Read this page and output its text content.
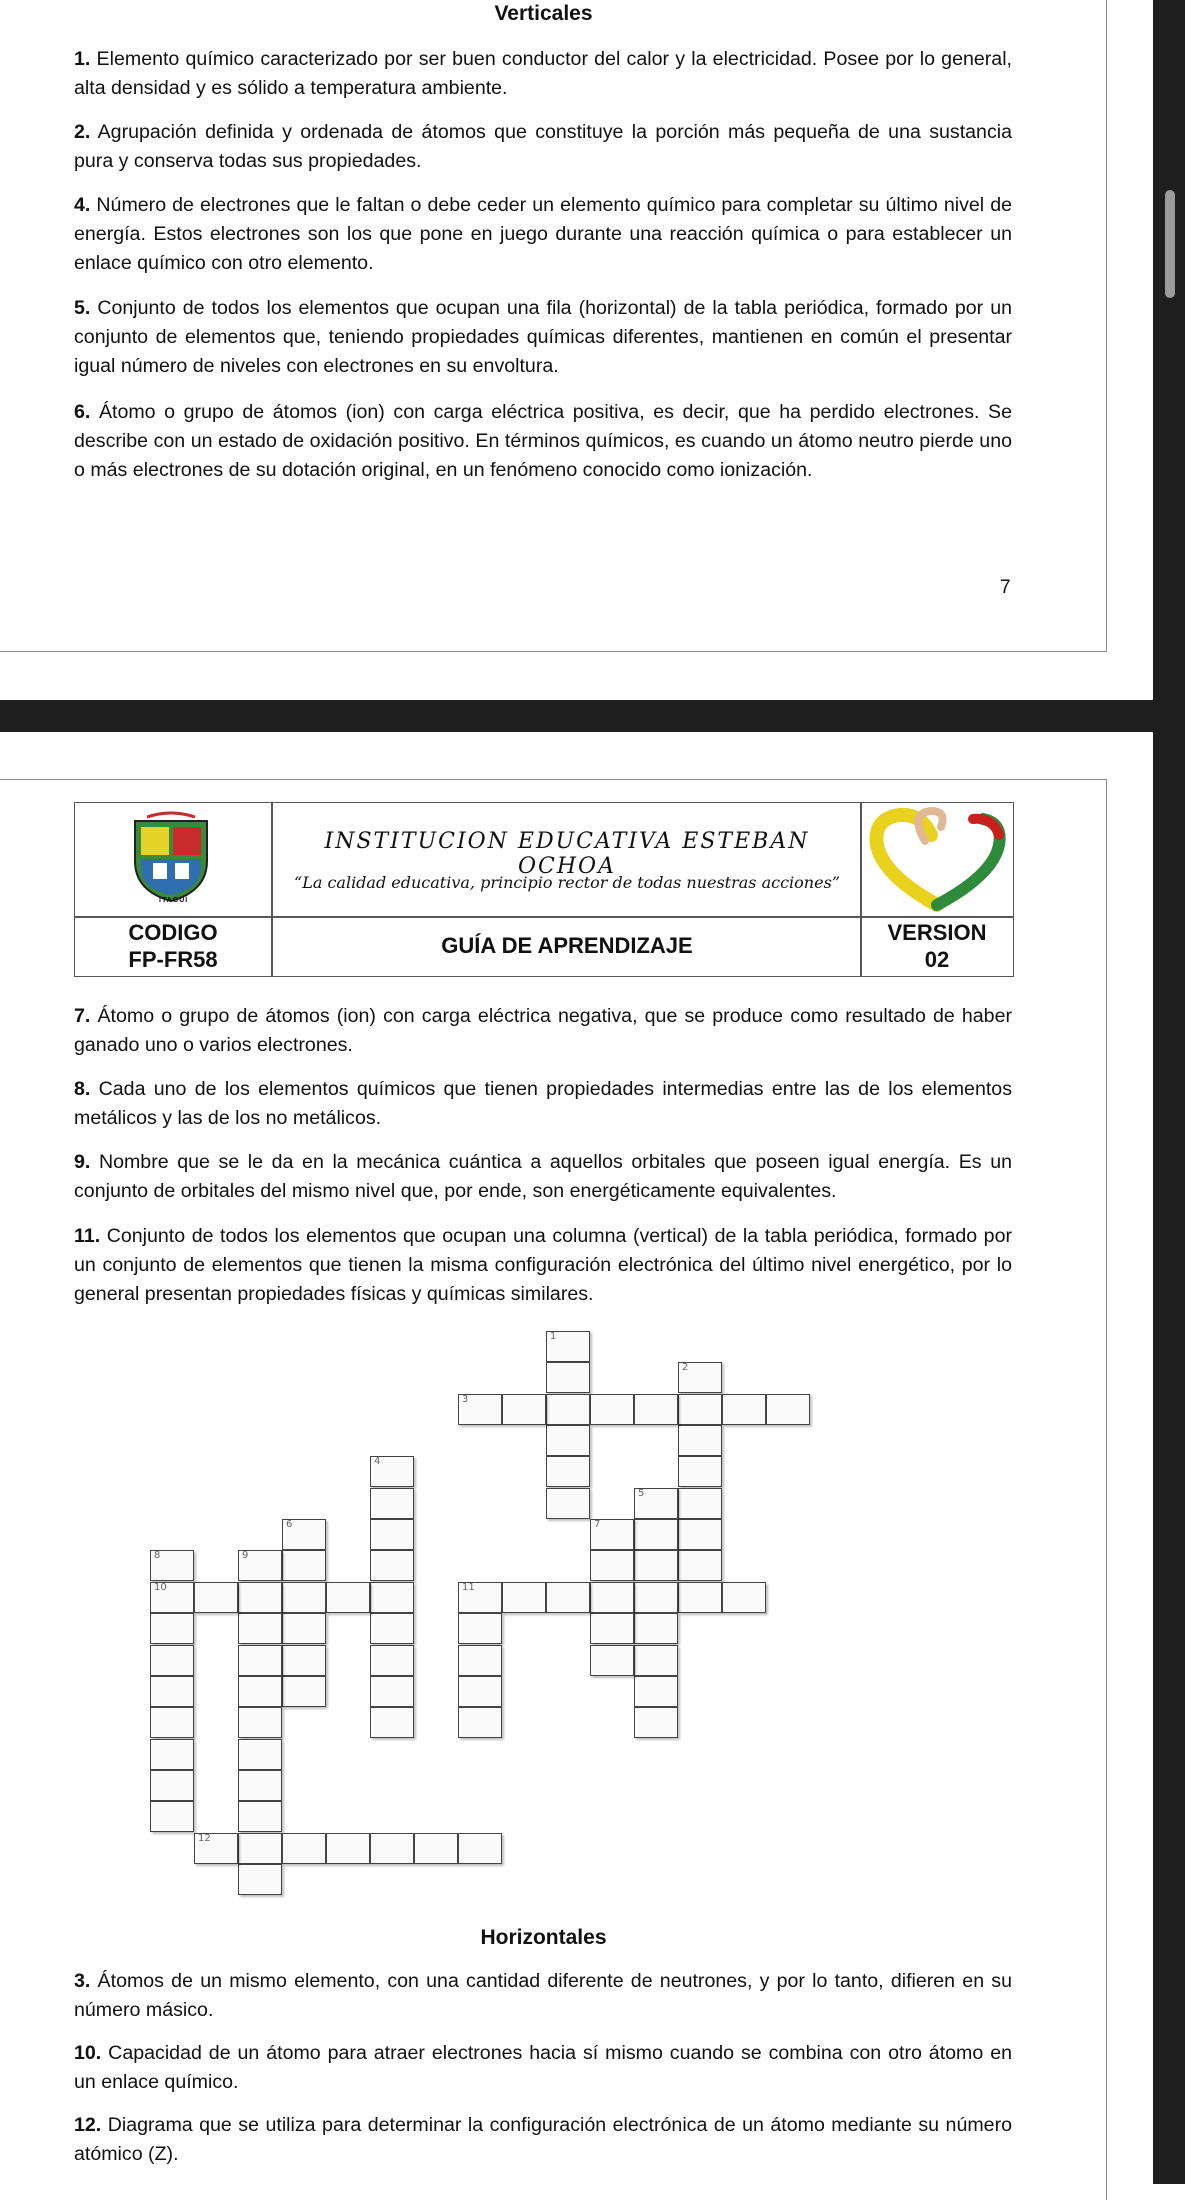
Verticales

1. Elemento químico caracterizado por ser buen conductor del calor y la electricidad. Posee por lo general, alta densidad y es sólido a temperatura ambiente.

2. Agrupación definida y ordenada de átomos que constituye la porción más pequeña de una sustancia pura y conserva todas sus propiedades.

4. Número de electrones que le faltan o debe ceder un elemento químico para completar su último nivel de energía. Estos electrones son los que pone en juego durante una reacción química o para establecer un enlace químico con otro elemento.

5. Conjunto de todos los elementos que ocupan una fila (horizontal) de la tabla periódica, formado por un conjunto de elementos que, teniendo propiedades químicas diferentes, mantienen en común el presentar igual número de niveles con electrones en su envoltura.

6. Átomo o grupo de átomos (ion) con carga eléctrica positiva, es decir, que ha perdido electrones. Se describe con un estado de oxidación positivo. En términos químicos, es cuando un átomo neutro pierde uno o más electrones de su dotación original, en un fenómeno conocido como ionización.

7
ITAGUÍ
INSTITUCION EDUCATIVA ESTEBAN OCHOA
“La calidad educativa, principio rector de todas nuestras acciones”
CODIGO
FP-FR58
GUÍA DE APRENDIZAJE
VERSION
02

7. Átomo o grupo de átomos (ion) con carga eléctrica negativa, que se produce como resultado de haber ganado uno o varios electrones.

8. Cada uno de los elementos químicos que tienen propiedades intermedias entre las de los elementos metálicos y las de los no metálicos.

9. Nombre que se le da en la mecánica cuántica a aquellos orbitales que poseen igual energía. Es un conjunto de orbitales del mismo nivel que, por ende, son energéticamente equivalentes.

11. Conjunto de todos los elementos que ocupan una columna (vertical) de la tabla periódica, formado por un conjunto de elementos que tienen la misma configuración electrónica del último nivel energético, por lo general presentan propiedades físicas y químicas similares.

1
2
3
4
5
6	7
8
10
9
11
12
Horizontales

3. Átomos de un mismo elemento, con una cantidad diferente de neutrones, y por lo tanto, difieren en su número másico.

10. Capacidad de un átomo para atraer electrones hacia sí mismo cuando se combina con otro átomo en un enlace químico.

12. Diagrama que se utiliza para determinar la configuración electrónica de un átomo mediante su número atómico (Z).
